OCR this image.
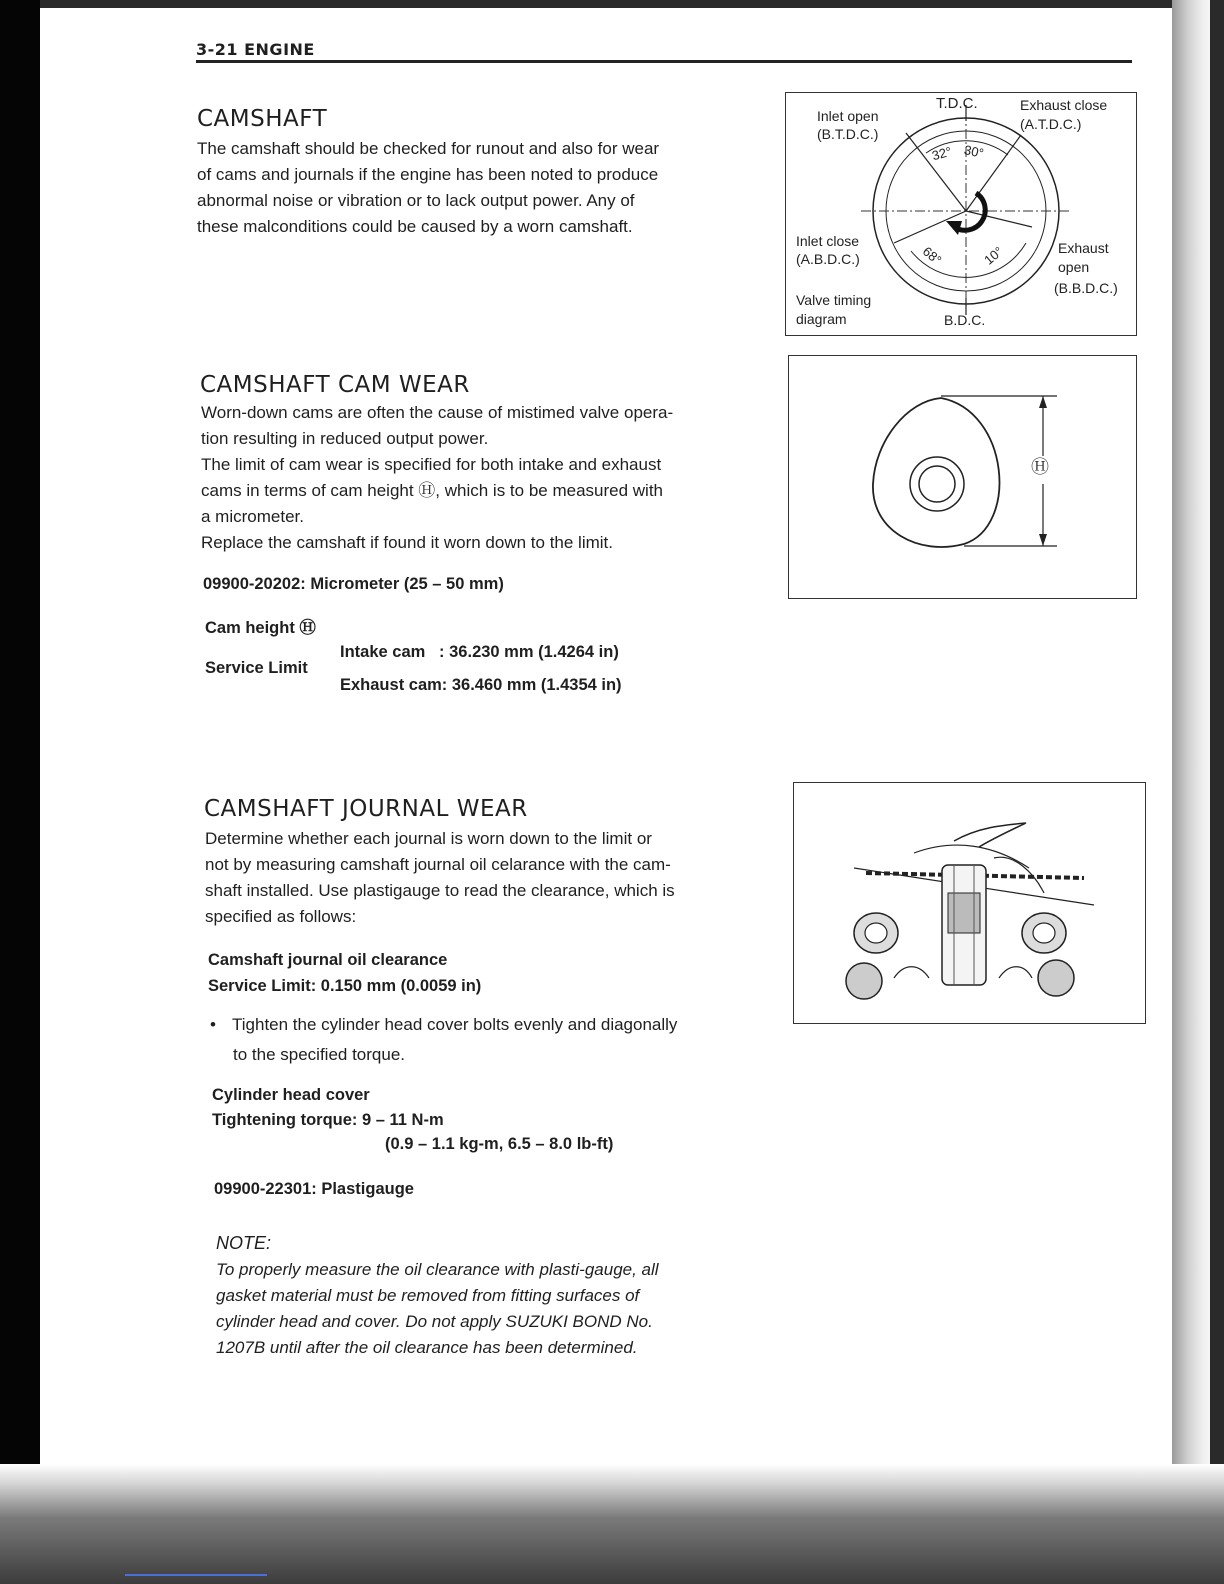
3-21 ENGINE
CAMSHAFT
The camshaft should be checked for runout and also for wear
of cams and journals if the engine has been noted to produce
abnormal noise or vibration or to lack output power. Any of
these malconditions could be caused by a worn camshaft.
CAMSHAFT CAM WEAR
Worn-down cams are often the cause of mistimed valve opera-
tion resulting in reduced output power.
The limit of cam wear is specified for both intake and exhaust
cams in terms of cam height Ⓗ, which is to be measured with
a micrometer.
Replace the camshaft if found it worn down to the limit.
09900-20202: Micrometer (25 – 50 mm)
Cam height Ⓗ
Service Limit
Intake cam   : 36.230 mm (1.4264 in)
Exhaust cam: 36.460 mm (1.4354 in)
CAMSHAFT JOURNAL WEAR
Determine whether each journal is worn down to the limit or
not by measuring camshaft journal oil celarance with the cam-
shaft installed. Use plastigauge to read the clearance, which is
specified as follows:
Camshaft journal oil clearance
Service Limit: 0.150 mm (0.0059 in)
• Tighten the cylinder head cover bolts evenly and diagonally
to the specified torque.
Cylinder head cover
Tightening torque: 9 – 11 N-m
(0.9 – 1.1 kg-m, 6.5 – 8.0 lb-ft)
09900-22301: Plastigauge
NOTE:
To properly measure the oil clearance with plasti-gauge, all
gasket material must be removed from fitting surfaces of
cylinder head and cover. Do not apply SUZUKI BOND No.
1207B until after the oil clearance has been determined.
T.D.C.
B.D.C.
Inlet open
(B.T.D.C.)
Exhaust close
(A.T.D.C.)
Inlet close
(A.B.D.C.)
Exhaust
open
(B.B.D.C.)
Valve timing
diagram
32° 30°
68°	10°
Ⓗ
